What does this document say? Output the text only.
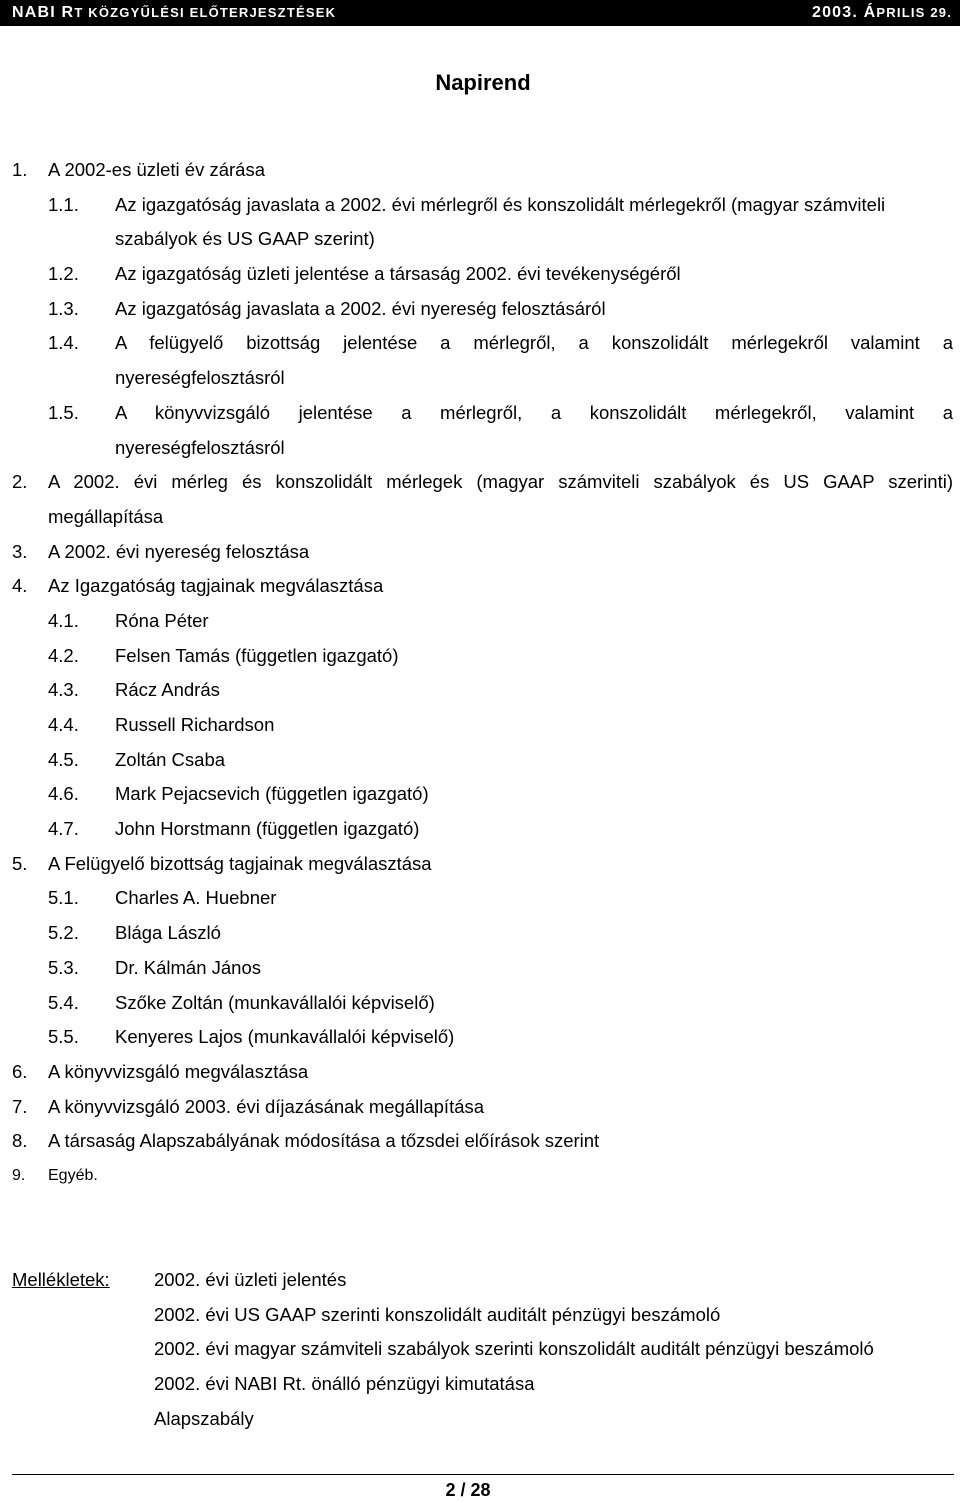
NABI RT KÖZGYŰLÉSI ELŐTERJESZTÉSEK	2003. ÁPRILIS 29.
Napirend
1. A 2002-es üzleti év zárása
1.1. Az igazgatóság javaslata a 2002. évi mérlegről és konszolidált mérlegekről (magyar számviteli
szabályok és US GAAP szerint)
1.2. Az igazgatóság üzleti jelentése a társaság 2002. évi tevékenységéről
1.3. Az igazgatóság javaslata a 2002. évi nyereség felosztásáról
1.4. A felügyelő bizottság jelentése a mérlegről, a konszolidált mérlegekről valamint a
nyereségfelosztásról
1.5. A könyvvizsgáló jelentése a mérlegről, a konszolidált mérlegekről, valamint a
nyereségfelosztásról
2. A 2002. évi mérleg és konszolidált mérlegek (magyar számviteli szabályok és US GAAP szerinti)
megállapítása
3. A 2002. évi nyereség felosztása
4. Az Igazgatóság tagjainak megválasztása
4.1. Róna Péter
4.2. Felsen Tamás (független igazgató)
4.3. Rácz András
4.4. Russell Richardson
4.5. Zoltán Csaba
4.6. Mark Pejacsevich (független igazgató)
4.7. John Horstmann (független igazgató)
5. A Felügyelő bizottság tagjainak megválasztása
5.1. Charles A. Huebner
5.2. Blága László
5.3. Dr. Kálmán János
5.4. Szőke Zoltán (munkavállalói képviselő)
5.5. Kenyeres Lajos (munkavállalói képviselő)
6. A könyvvizsgáló megválasztása
7. A könyvvizsgáló 2003. évi díjazásának megállapítása
8. A társaság Alapszabályának módosítása a tőzsdei előírások szerint
9. Egyéb.
Mellékletek: 2002. évi üzleti jelentés
2002. évi US GAAP szerinti konszolidált auditált pénzügyi beszámoló
2002. évi magyar számviteli szabályok szerinti konszolidált auditált pénzügyi beszámoló
2002. évi NABI Rt. önálló pénzügyi kimutatása
Alapszabály
2 / 28
